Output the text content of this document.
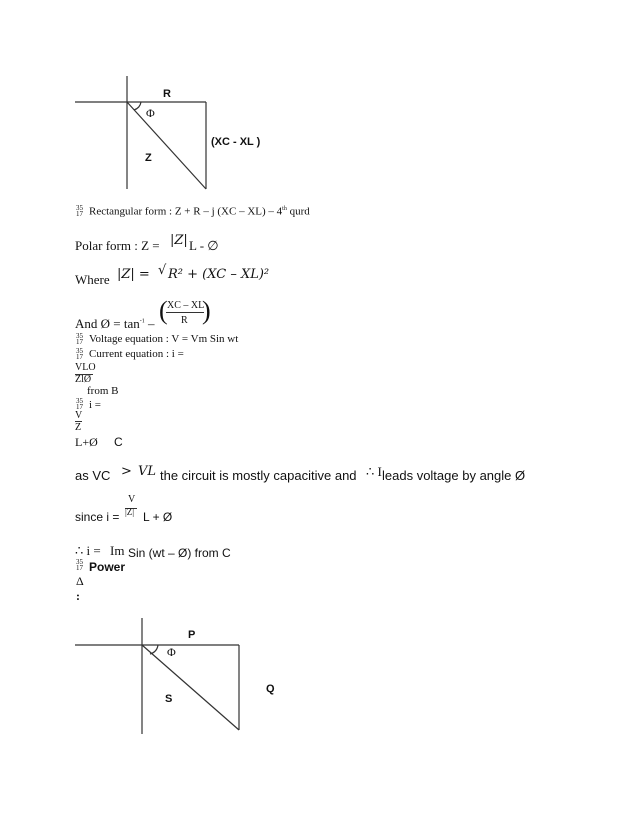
R
Φ
Z
(XC - XL )
35
17 Rectangular form : Z + R – j (XC – XL) – 4th qurd
Polar form : Z = |Z| L - ∅
Where |Z| = √ R² + (XC – XL)²
And Ø = $\tan^{-1}$ – ( XC – XL
R )
35
17 Voltage equation : V = Vm Sin wt
35
17 Current equation : i =
VLO
ZlØ
from B
35
17 i =
V
Z
L+Ø C
as VC > VL the circuit is mostly capacitive and ∴ I leads voltage by angle Ø
since i =
V
|Z| L + Ø
∴ i = Im Sin (wt – Ø) from C
35
17 Power
Δ
:
P
Φ
S
Q
